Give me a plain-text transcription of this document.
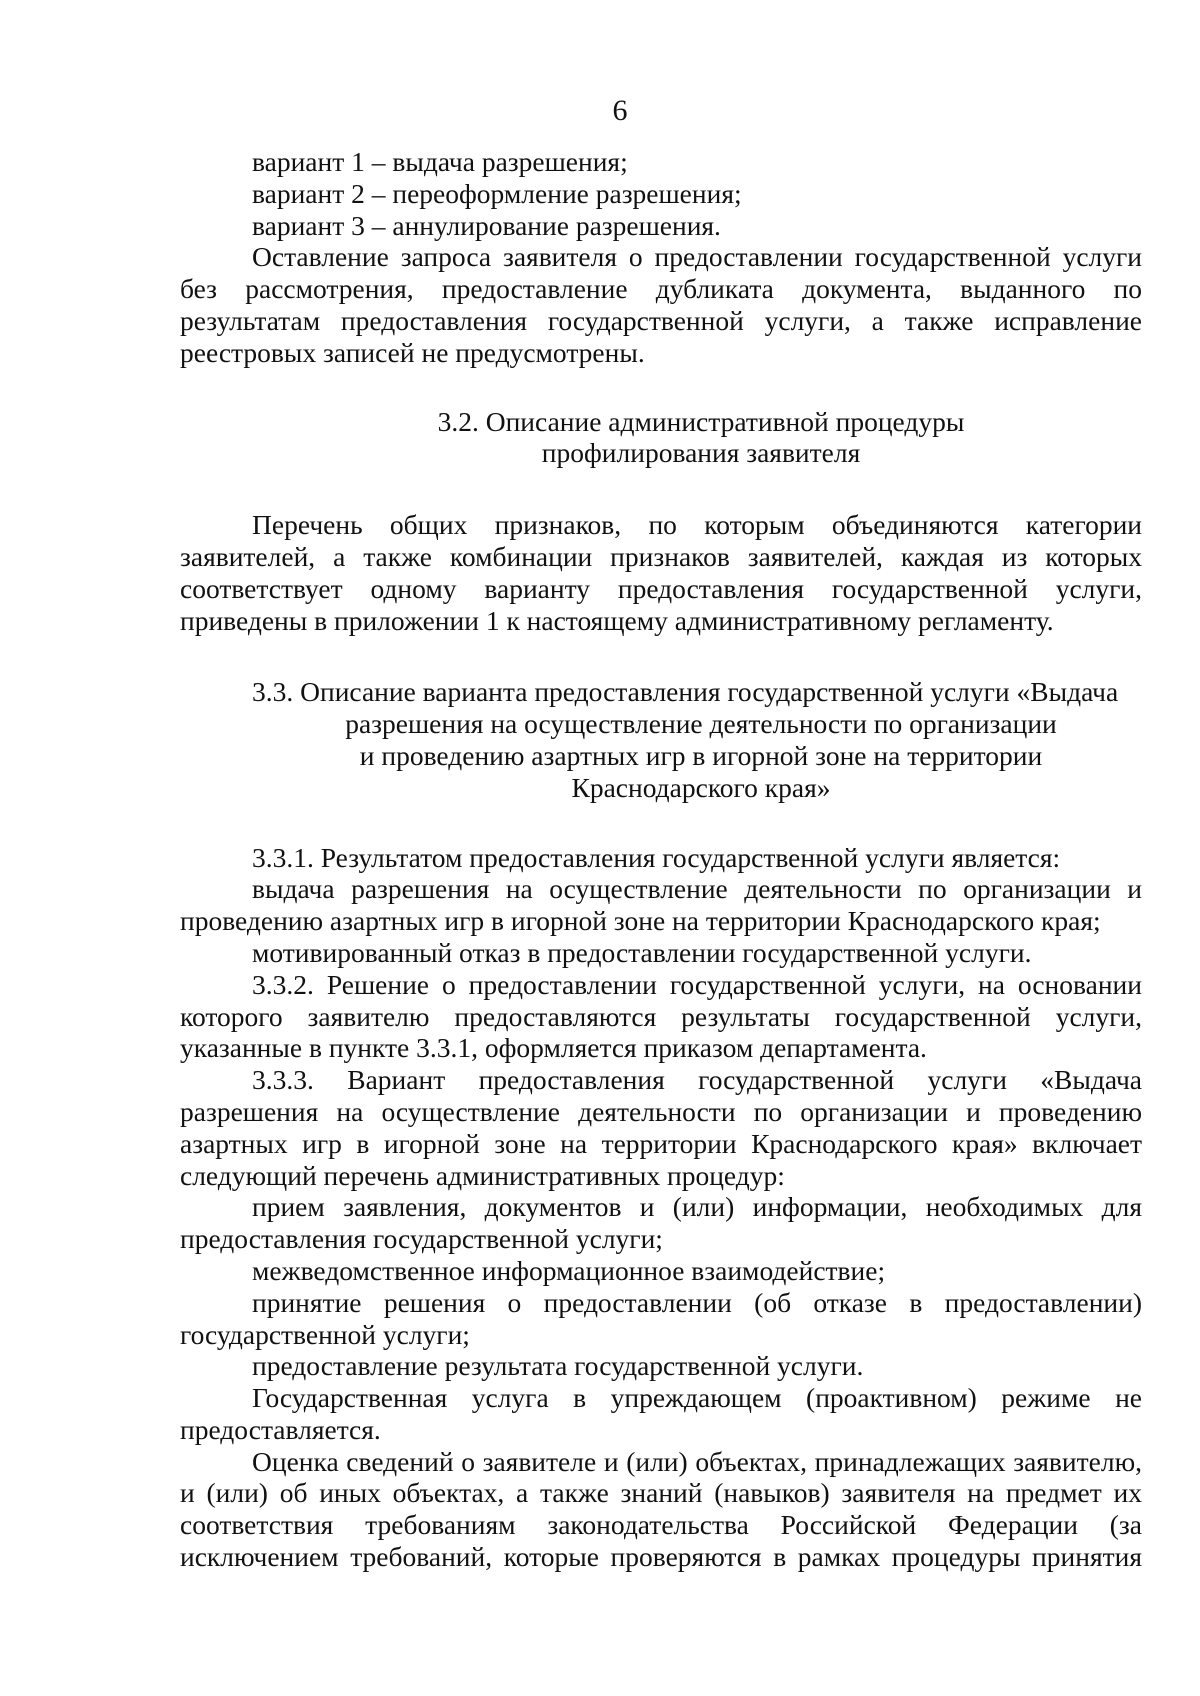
6

вариант 1 – выдача разрешения;

вариант 2 – переоформление разрешения;

вариант 3 – аннулирование разрешения.

Оставление запроса заявителя о предоставлении государственной услуги без рассмотрения, предоставление дубликата документа, выданного по результатам предоставления государственной услуги, а также исправление реестровых записей не предусмотрены.

3.2. Описание административной процедуры

профилирования заявителя

Перечень общих признаков, по которым объединяются категории заявителей, а также комбинации признаков заявителей, каждая из которых соответствует одному варианту предоставления государственной услуги, приведены в приложении 1 к настоящему административному регламенту.

3.3. Описание варианта предоставления государственной услуги «Выдача

разрешения на осуществление деятельности по организации

и проведению азартных игр в игорной зоне на территории

Краснодарского края»

3.3.1. Результатом предоставления государственной услуги является:

выдача разрешения на осуществление деятельности по организации и проведению азартных игр в игорной зоне на территории Краснодарского края;

мотивированный отказ в предоставлении государственной услуги.

3.3.2. Решение о предоставлении государственной услуги, на основании которого заявителю предоставляются результаты государственной услуги, указанные в пункте 3.3.1, оформляется приказом департамента.

3.3.3. Вариант предоставления государственной услуги «Выдача разрешения на осуществление деятельности по организации и проведению азартных игр в игорной зоне на территории Краснодарского края» включает следующий перечень административных процедур:

прием заявления, документов и (или) информации, необходимых для предоставления государственной услуги;

межведомственное информационное взаимодействие;

принятие решения о предоставлении (об отказе в предоставлении) государственной услуги;

предоставление результата государственной услуги.

Государственная услуга в упреждающем (проактивном) режиме не предоставляется.

Оценка сведений о заявителе и (или) объектах, принадлежащих заявителю, и (или) об иных объектах, а также знаний (навыков) заявителя на предмет их соответствия требованиям законодательства Российской Федерации (за исключением требований, которые проверяются в рамках процедуры принятия
